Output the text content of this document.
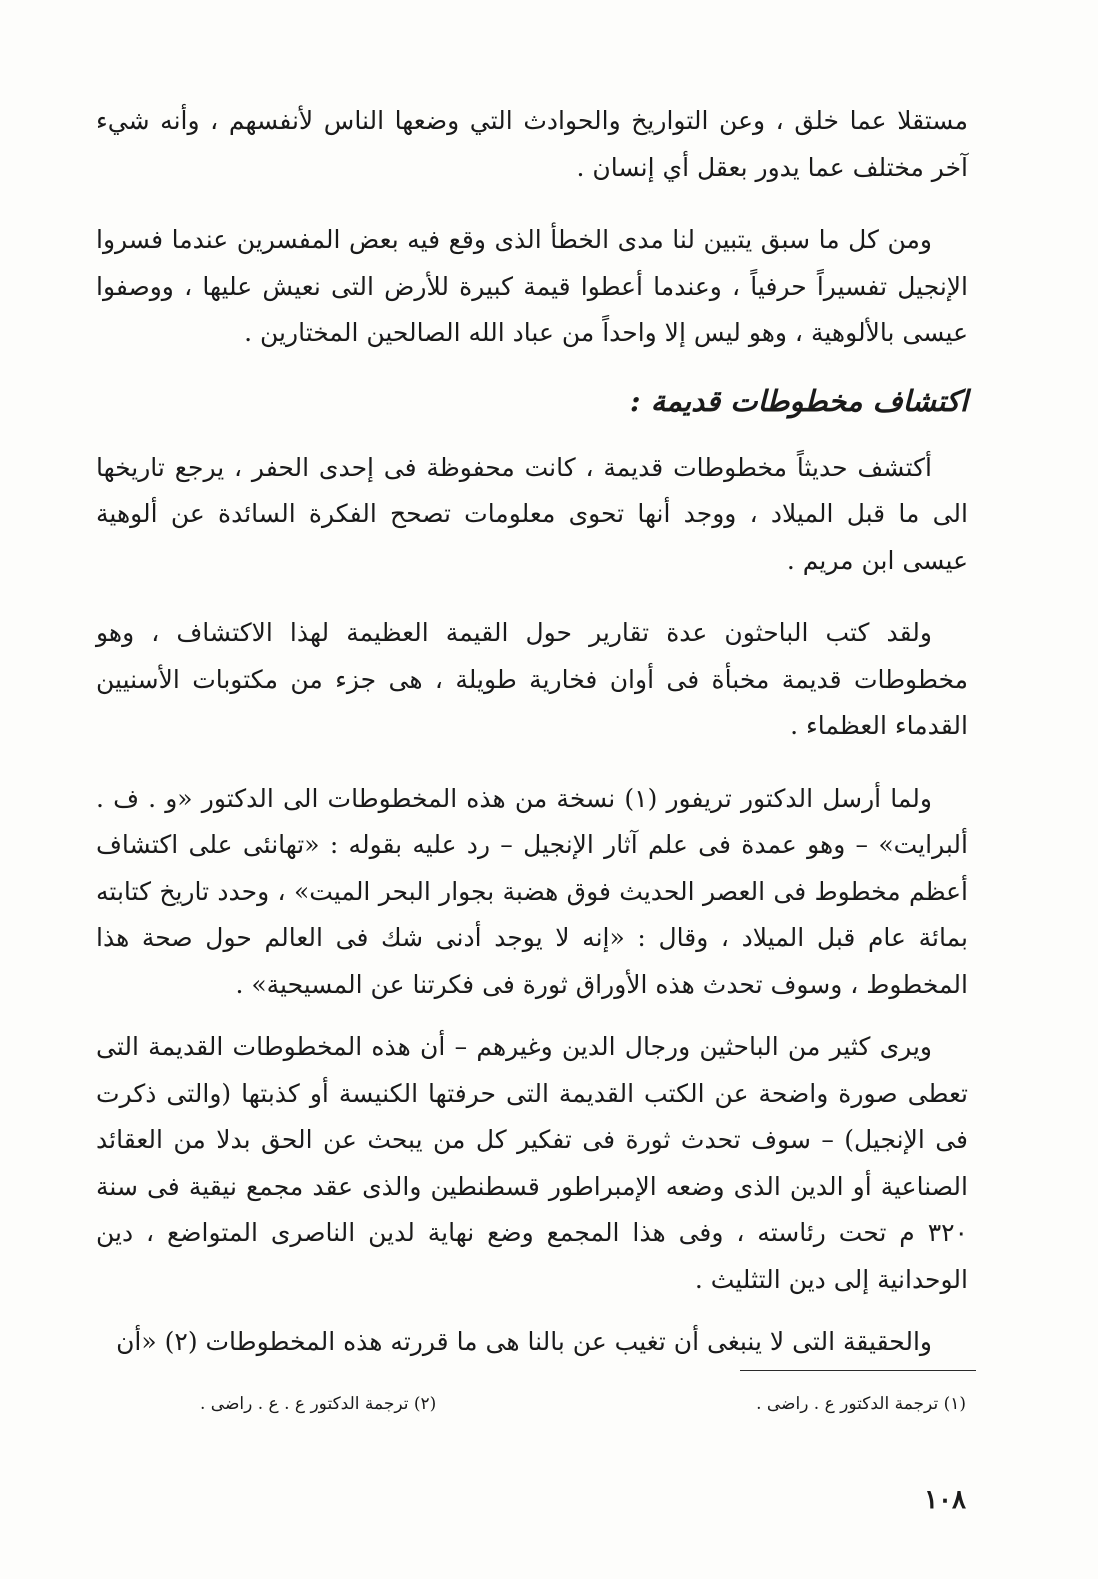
مستقلا عما خلق ، وعن التواريخ والحوادث التي وضعها الناس لأنفسهم ، وأنه شيء آخر مختلف عما يدور بعقل أي إنسان .

ومن كل ما سبق يتبين لنا مدى الخطأ الذى وقع فيه بعض المفسرين عندما فسروا الإنجيل تفسيراً حرفياً ، وعندما أعطوا قيمة كبيرة للأرض التى نعيش عليها ، ووصفوا عيسى بالألوهية ، وهو ليس إلا واحداً من عباد الله الصالحين المختارين .

اكتشاف مخطوطات قديمة :

أكتشف حديثاً مخطوطات قديمة ، كانت محفوظة فى إحدى الحفر ، يرجع تاريخها الى ما قبل الميلاد ، ووجد أنها تحوى معلومات تصحح الفكرة السائدة عن ألوهية عيسى ابن مريم .

ولقد كتب الباحثون عدة تقارير حول القيمة العظيمة لهذا الاكتشاف ، وهو مخطوطات قديمة مخبأة فى أوان فخارية طويلة ، هى جزء من مكتوبات الأسنيين القدماء العظماء .

ولما أرسل الدكتور تريفور (١) نسخة من هذه المخطوطات الى الدكتور «و . ف . ألبرايت» – وهو عمدة فى علم آثار الإنجيل – رد عليه بقوله : «تهانئى على اكتشاف أعظم مخطوط فى العصر الحديث فوق هضبة بجوار البحر الميت» ، وحدد تاريخ كتابته بمائة عام قبل الميلاد ، وقال : «إنه لا يوجد أدنى شك فى العالم حول صحة هذا المخطوط ، وسوف تحدث هذه الأوراق ثورة فى فكرتنا عن المسيحية» .

ويرى كثير من الباحثين ورجال الدين وغيرهم – أن هذه المخطوطات القديمة التى تعطى صورة واضحة عن الكتب القديمة التى حرفتها الكنيسة أو كذبتها (والتى ذكرت فى الإنجيل) – سوف تحدث ثورة فى تفكير كل من يبحث عن الحق بدلا من العقائد الصناعية أو الدين الذى وضعه الإمبراطور قسطنطين والذى عقد مجمع نيقية فى سنة ٣٢٠ م تحت رئاسته ، وفى هذا المجمع وضع نهاية لدين الناصرى المتواضع ، دين الوحدانية إلى دين التثليث .

والحقيقة التى لا ينبغى أن تغيب عن بالنا هى ما قررته هذه المخطوطات (٢) «أن

(١) ترجمة الدكتور ع . راضى .
(٢) ترجمة الدكتور ع . ع . راضى .
١٠٨
